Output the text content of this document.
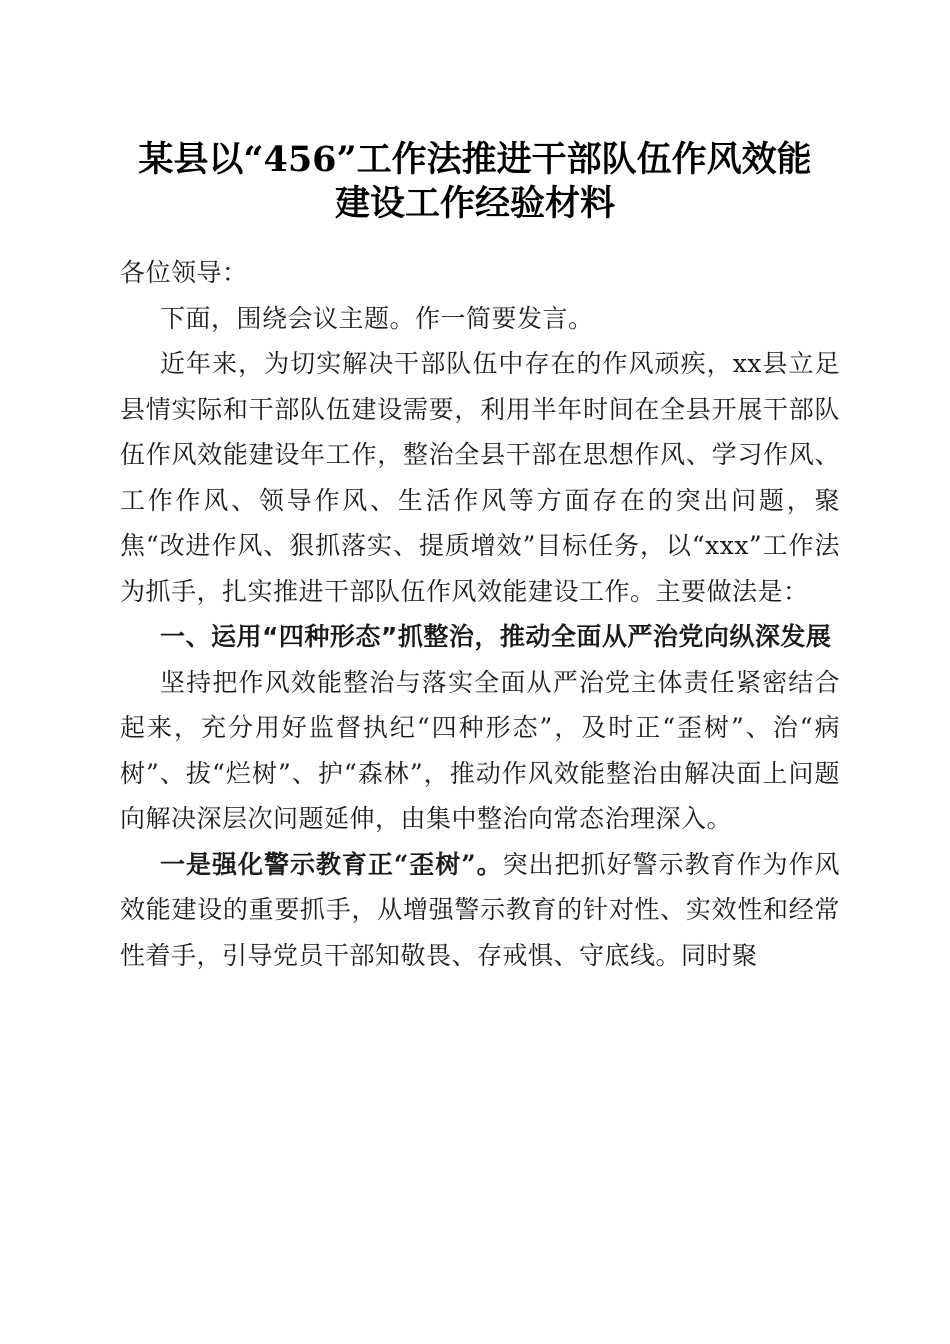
某县以“456”工作法推进干部队伍作风效能
建设工作经验材料

各位领导：

下面，围绕会议主题。作一简要发言。

近年来，为切实解决干部队伍中存在的作风顽疾，xx县立足县情实际和干部队伍建设需要，利用半年时间在全县开展干部队伍作风效能建设年工作，整治全县干部在思想作风、学习作风、工作作风、领导作风、生活作风等方面存在的突出问题，聚焦“改进作风、狠抓落实、提质增效”目标任务，以“xxx”工作法为抓手，扎实推进干部队伍作风效能建设工作。主要做法是：

一、运用“四种形态”抓整治，推动全面从严治党向纵深发展

坚持把作风效能整治与落实全面从严治党主体责任紧密结合起来，充分用好监督执纪“四种形态”，及时正“歪树”、治“病树”、拔“烂树”、护“森林”，推动作风效能整治由解决面上问题向解决深层次问题延伸，由集中整治向常态治理深入。

一是强化警示教育正“歪树”。突出把抓好警示教育作为作风效能建设的重要抓手，从增强警示教育的针对性、实效性和经常性着手，引导党员干部知敬畏、存戒惧、守底线。同时聚
